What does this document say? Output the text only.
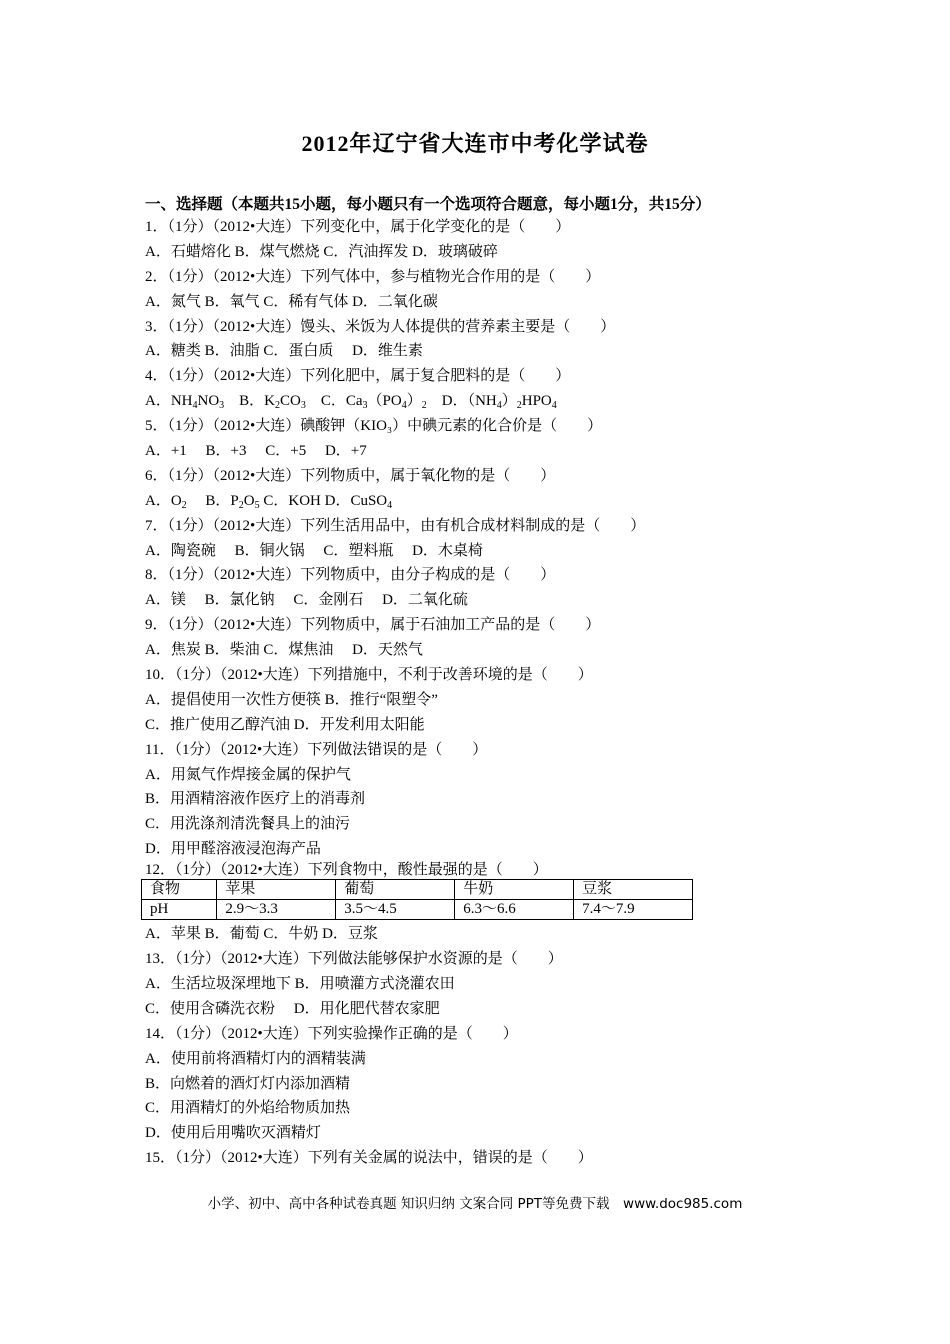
2012年辽宁省大连市中考化学试卷
一、选择题（本题共15小题，每小题只有一个选项符合题意，每小题1分，共15分）
1．（1分）（2012•大连）下列变化中，属于化学变化的是（　　）
A．石蜡熔化 B．煤气燃烧 C．汽油挥发 D．玻璃破碎
2．（1分）（2012•大连）下列气体中，参与植物光合作用的是（　　）
A．氮气 B．氧气 C．稀有气体 D．二氧化碳
3．（1分）（2012•大连）馒头、米饭为人体提供的营养素主要是（　　）
A．糖类 B．油脂 C．蛋白质　 D．维生素
4．（1分）（2012•大连）下列化肥中，属于复合肥料的是（　　）
A．$NH_4NO_3$　B．$K_2CO_3$　C．$Ca_3(PO_4)_2$　D．$(NH_4)_2HPO_4$
5．（1分）（2012•大连）碘酸钾（KIO₃）中碘元素的化合价是（　　）
A．+1　 B．+3　 C．+5　 D．+7
6．（1分）（2012•大连）下列物质中，属于氧化物的是（　　）
A．$O_2$　 B．$P_2O_5$ C．KOH D．CuSO$_4$
7．（1分）（2012•大连）下列生活用品中，由有机合成材料制成的是（　　）
A．陶瓷碗　 B．铜火锅　 C．塑料瓶　 D．木桌椅
8．（1分）（2012•大连）下列物质中，由分子构成的是（　　）
A．镁　 B．氯化钠　 C．金刚石　 D．二氧化硫
9．（1分）（2012•大连）下列物质中，属于石油加工产品的是（　　）
A．焦炭 B．柴油 C．煤焦油　 D．天然气
10．（1分）（2012•大连）下列措施中，不利于改善环境的是（　　）
A．提倡使用一次性方便筷 B．推行“限塑令”
C．推广使用乙醇汽油 D．开发利用太阳能
11．（1分）（2012•大连）下列做法错误的是（　　）
A．用氮气作焊接金属的保护气
B．用酒精溶液作医疗上的消毒剂
C．用洗涤剂清洗餐具上的油污
D．用甲醛溶液浸泡海产品
12．（1分）（2012•大连）下列食物中，酸性最强的是（　　）
食物	苹果	葡萄	牛奶	豆浆
pH	2.9～3.3	3.5～4.5	6.3～6.6	7.4～7.9
A．苹果 B．葡萄 C．牛奶 D．豆浆
13．（1分）（2012•大连）下列做法能够保护水资源的是（　　）
A．生活垃圾深埋地下 B．用喷灌方式浇灌农田
C．使用含磷洗衣粉　 D．用化肥代替农家肥
14．（1分）（2012•大连）下列实验操作正确的是（　　）
A．使用前将酒精灯内的酒精装满
B．向燃着的酒灯灯内添加酒精
C．用酒精灯的外焰给物质加热
D．使用后用嘴吹灭酒精灯
15．（1分）（2012•大连）下列有关金属的说法中，错误的是（　　）
小学、初中、高中各种试卷真题 知识归纳 文案合同 PPT等免费下载　www.doc985.com
